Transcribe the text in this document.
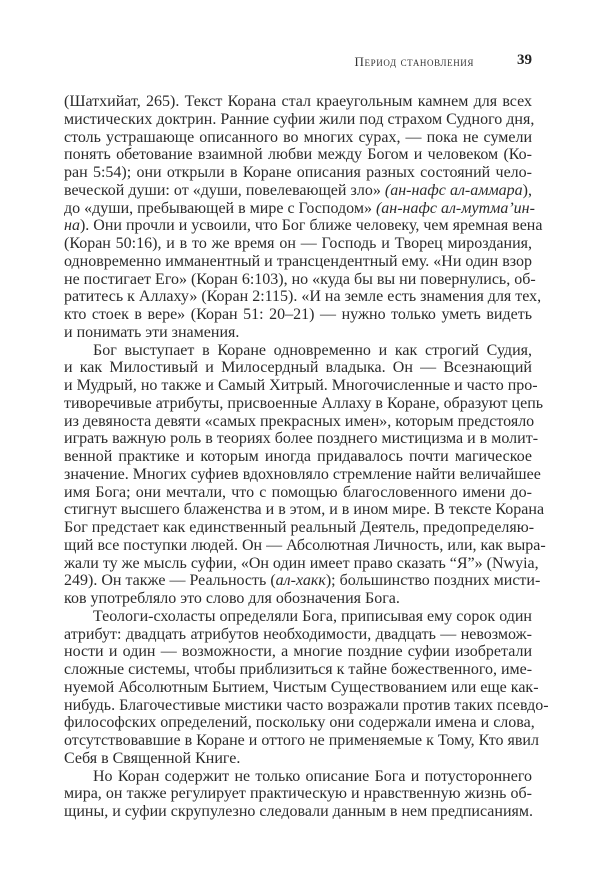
Период становления	39
(Шатхийат, 265). Текст Корана стал краеугольным камнем для всех
мистических доктрин. Ранние суфии жили под страхом Судного дня,
столь устрашающе описанного во многих сурах, — пока не сумели
понять обетование взаимной любви между Богом и человеком (Ко-
ран 5:54); они открыли в Коране описания разных состояний чело-
веческой души: от «души, повелевающей зло» (ан-нафс ал-аммара),
до «души, пребывающей в мире с Господом» (ан-нафс ал-мутма’ин-
на). Они прочли и усвоили, что Бог ближе человеку, чем яремная вена
(Коран 50:16), и в то же время он — Господь и Творец мироздания,
одновременно имманентный и трансцендентный ему. «Ни один взор
не постигает Его» (Коран 6:103), но «куда бы вы ни повернулись, об-
ратитесь к Аллаху» (Коран 2:115). «И на земле есть знамения для тех,
кто стоек в вере» (Коран 51: 20–21) — нужно только уметь видеть
и понимать эти знамения.
Бог выступает в Коране одновременно и как строгий Судия,
и как Милостивый и Милосердный владыка. Он — Всезнающий
и Мудрый, но также и Самый Хитрый. Многочисленные и часто про-
тиворечивые атрибуты, присвоенные Аллаху в Коране, образуют цепь
из девяноста девяти «самых прекрасных имен», которым предстояло
играть важную роль в теориях более позднего мистицизма и в молит-
венной практике и которым иногда придавалось почти магическое
значение. Многих суфиев вдохновляло стремление найти величайшее
имя Бога; они мечтали, что с помощью благословенного имени до-
стигнут высшего блаженства и в этом, и в ином мире. В тексте Корана
Бог предстает как единственный реальный Деятель, предопределяю-
щий все поступки людей. Он — Абсолютная Личность, или, как выра-
жали ту же мысль суфии, «Он один имеет право сказать “Я”» (Nwyia,
249). Он также — Реальность (ал-хакк); большинство поздних мисти-
ков употребляло это слово для обозначения Бога.
Теологи-схоласты определяли Бога, приписывая ему сорок один
атрибут: двадцать атрибутов необходимости, двадцать — невозмож-
ности и один — возможности, а многие поздние суфии изобретали
сложные системы, чтобы приблизиться к тайне божественного, име-
нуемой Абсолютным Бытием, Чистым Существованием или еще как-
нибудь. Благочестивые мистики часто возражали против таких псевдо-
философских определений, поскольку они содержали имена и слова,
отсутствовавшие в Коране и оттого не применяемые к Тому, Кто явил
Себя в Священной Книге.
Но Коран содержит не только описание Бога и потустороннего
мира, он также регулирует практическую и нравственную жизнь об-
щины, и суфии скрупулезно следовали данным в нем предписаниям.
